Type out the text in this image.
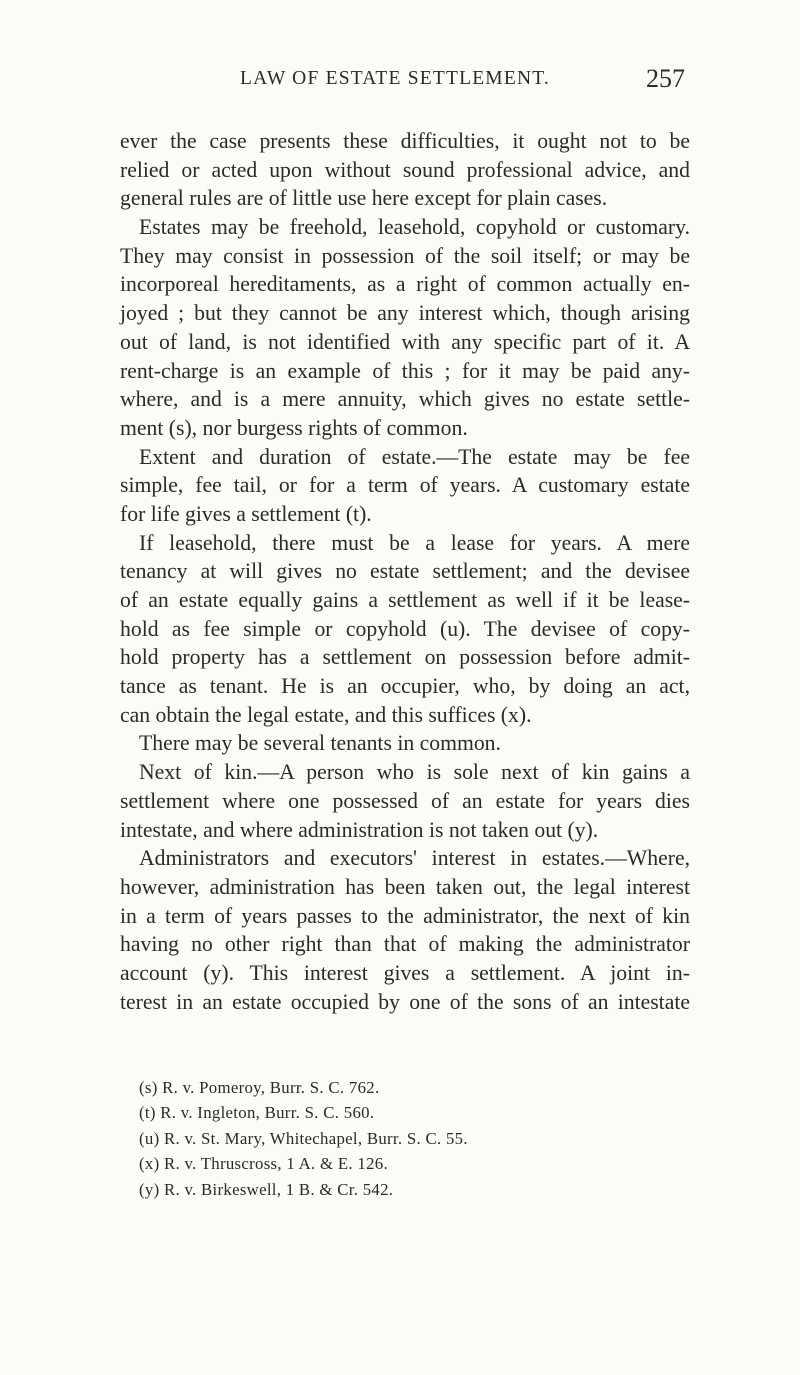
LAW OF ESTATE SETTLEMENT.	257
ever the case presents these difficulties, it ought not to be
relied or acted upon without sound professional advice, and
general rules are of little use here except for plain cases.
Estates may be freehold, leasehold, copyhold or customary.
They may consist in possession of the soil itself; or may be
incorporeal hereditaments, as a right of common actually en-
joyed ; but they cannot be any interest which, though arising
out of land, is not identified with any specific part of it. A
rent-charge is an example of this ; for it may be paid any-
where, and is a mere annuity, which gives no estate settle-
ment (s), nor burgess rights of common.
Extent and duration of estate.—The estate may be fee
simple, fee tail, or for a term of years. A customary estate
for life gives a settlement (t).
If leasehold, there must be a lease for years. A mere
tenancy at will gives no estate settlement; and the devisee
of an estate equally gains a settlement as well if it be lease-
hold as fee simple or copyhold (u). The devisee of copy-
hold property has a settlement on possession before admit-
tance as tenant. He is an occupier, who, by doing an act,
can obtain the legal estate, and this suffices (x).
There may be several tenants in common.
Next of kin.—A person who is sole next of kin gains a
settlement where one possessed of an estate for years dies
intestate, and where administration is not taken out (y).
Administrators and executors' interest in estates.—Where,
however, administration has been taken out, the legal interest
in a term of years passes to the administrator, the next of kin
having no other right than that of making the administrator
account (y). This interest gives a settlement. A joint in-
terest in an estate occupied by one of the sons of an intestate
(s) R. v. Pomeroy, Burr. S. C. 762.
(t) R. v. Ingleton, Burr. S. C. 560.
(u) R. v. St. Mary, Whitechapel, Burr. S. C. 55.
(x) R. v. Thruscross, 1 A. & E. 126.
(y) R. v. Birkeswell, 1 B. & Cr. 542.
